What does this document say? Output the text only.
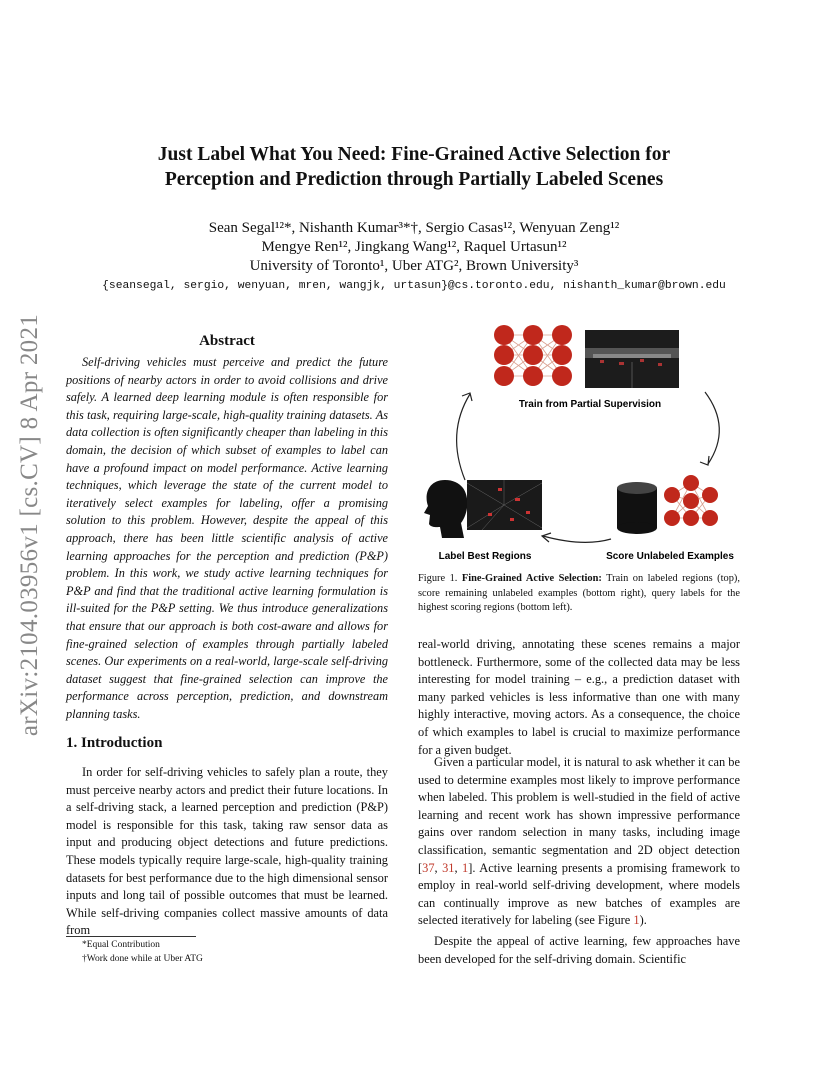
arXiv:2104.03956v1 [cs.CV] 8 Apr 2021
Just Label What You Need: Fine-Grained Active Selection for
Perception and Prediction through Partially Labeled Scenes
Sean Segal¹²*, Nishanth Kumar³*†, Sergio Casas¹², Wenyuan Zeng¹²
Mengye Ren¹², Jingkang Wang¹², Raquel Urtasun¹²
University of Toronto¹, Uber ATG², Brown University³
{seansegal, sergio, wenyuan, mren, wangjk, urtasun}@cs.toronto.edu, nishanth_kumar@brown.edu
Abstract
Self-driving vehicles must perceive and predict the future positions of nearby actors in order to avoid collisions and drive safely. A learned deep learning module is often responsible for this task, requiring large-scale, high-quality training datasets. As data collection is often significantly cheaper than labeling in this domain, the decision of which subset of examples to label can have a profound impact on model performance. Active learning techniques, which leverage the state of the current model to iteratively select examples for labeling, offer a promising solution to this problem. However, despite the appeal of this approach, there has been little scientific analysis of active learning approaches for the perception and prediction (P&P) problem. In this work, we study active learning techniques for P&P and find that the traditional active learning formulation is ill-suited for the P&P setting. We thus introduce generalizations that ensure that our approach is both cost-aware and allows for fine-grained selection of examples through partially labeled scenes. Our experiments on a real-world, large-scale self-driving dataset suggest that fine-grained selection can improve the performance across perception, prediction, and downstream planning tasks.
1. Introduction
In order for self-driving vehicles to safely plan a route, they must perceive nearby actors and predict their future locations. In a self-driving stack, a learned perception and prediction (P&P) model is responsible for this task, taking raw sensor data as input and producing object detections and future predictions. These models typically require large-scale, high-quality training datasets for best performance due to the high dimensional sensor inputs and long tail of possible outcomes that must be learned. While self-driving companies collect massive amounts of data from
*Equal Contribution
†Work done while at Uber ATG
Train from Partial Supervision
Label Best Regions	Score Unlabeled Examples
Figure 1. Fine-Grained Active Selection: Train on labeled regions (top), score remaining unlabeled examples (bottom right), query labels for the highest scoring regions (bottom left).
real-world driving, annotating these scenes remains a major bottleneck. Furthermore, some of the collected data may be less interesting for model training – e.g., a prediction dataset with many parked vehicles is less informative than one with many highly interactive, moving actors. As a consequence, the choice of which examples to label is crucial to maximize performance for a given budget.
Given a particular model, it is natural to ask whether it can be used to determine examples most likely to improve performance when labeled. This problem is well-studied in the field of active learning and recent work has shown impressive performance gains over random selection in many tasks, including image classification, semantic segmentation and 2D object detection [37, 31, 1]. Active learning presents a promising framework to employ in real-world self-driving development, where models can continually improve as new batches of examples are selected iteratively for labeling (see Figure 1).
Despite the appeal of active learning, few approaches have been developed for the self-driving domain. Scientific
